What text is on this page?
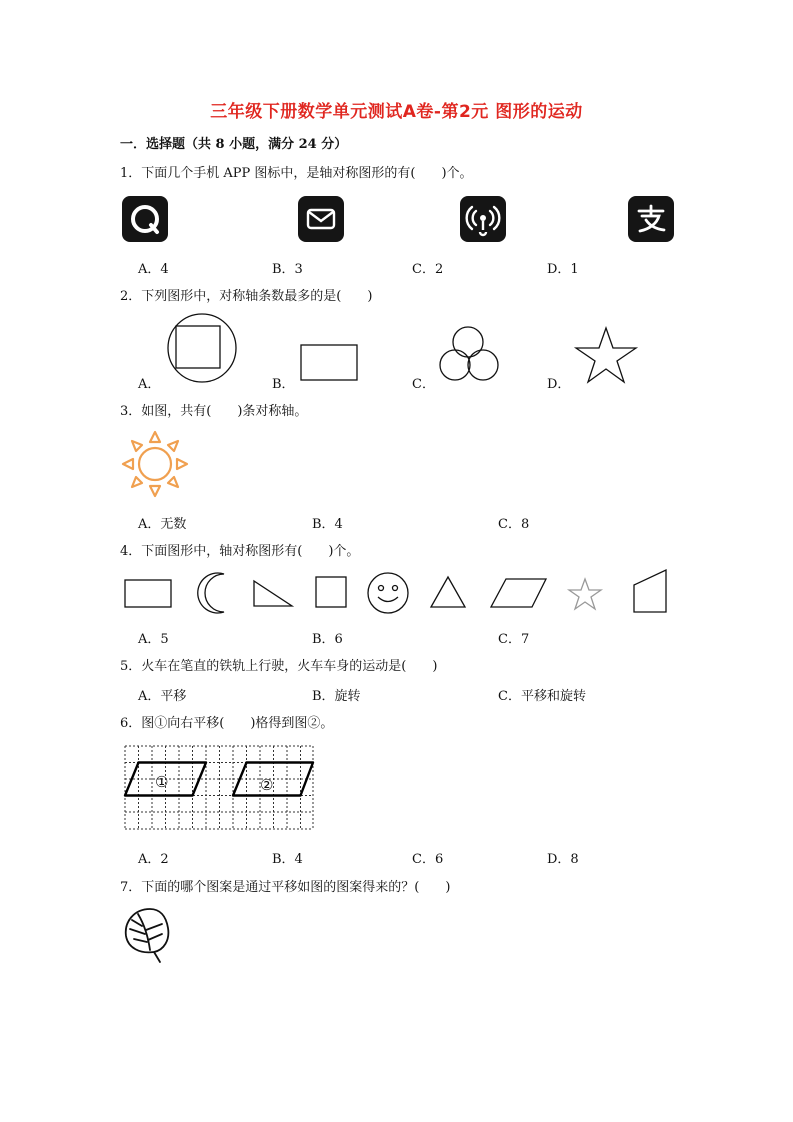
三年级下册数学单元测试A卷-第2元 图形的运动
一．选择题（共 8 小题，满分 24 分）
1．下面几个手机 APP 图标中，是轴对称图形的有(　　)个。
A．4	B．3	C．2	D．1
2．下列图形中，对称轴条数最多的是(　　)
A．	B．	C．	D．
3．如图，共有(　　)条对称轴。
A．无数	B．4	C．8
4．下面图形中，轴对称图形有(　　)个。
A．5	B．6	C．7
5．火车在笔直的铁轨上行驶，火车车身的运动是(　　)
A．平移	B．旋转	C．平移和旋转
6．图①向右平移(　　)格得到图②。
①	②
A．2	B．4	C．6	D．8
7．下面的哪个图案是通过平移如图的图案得来的？(　　)
